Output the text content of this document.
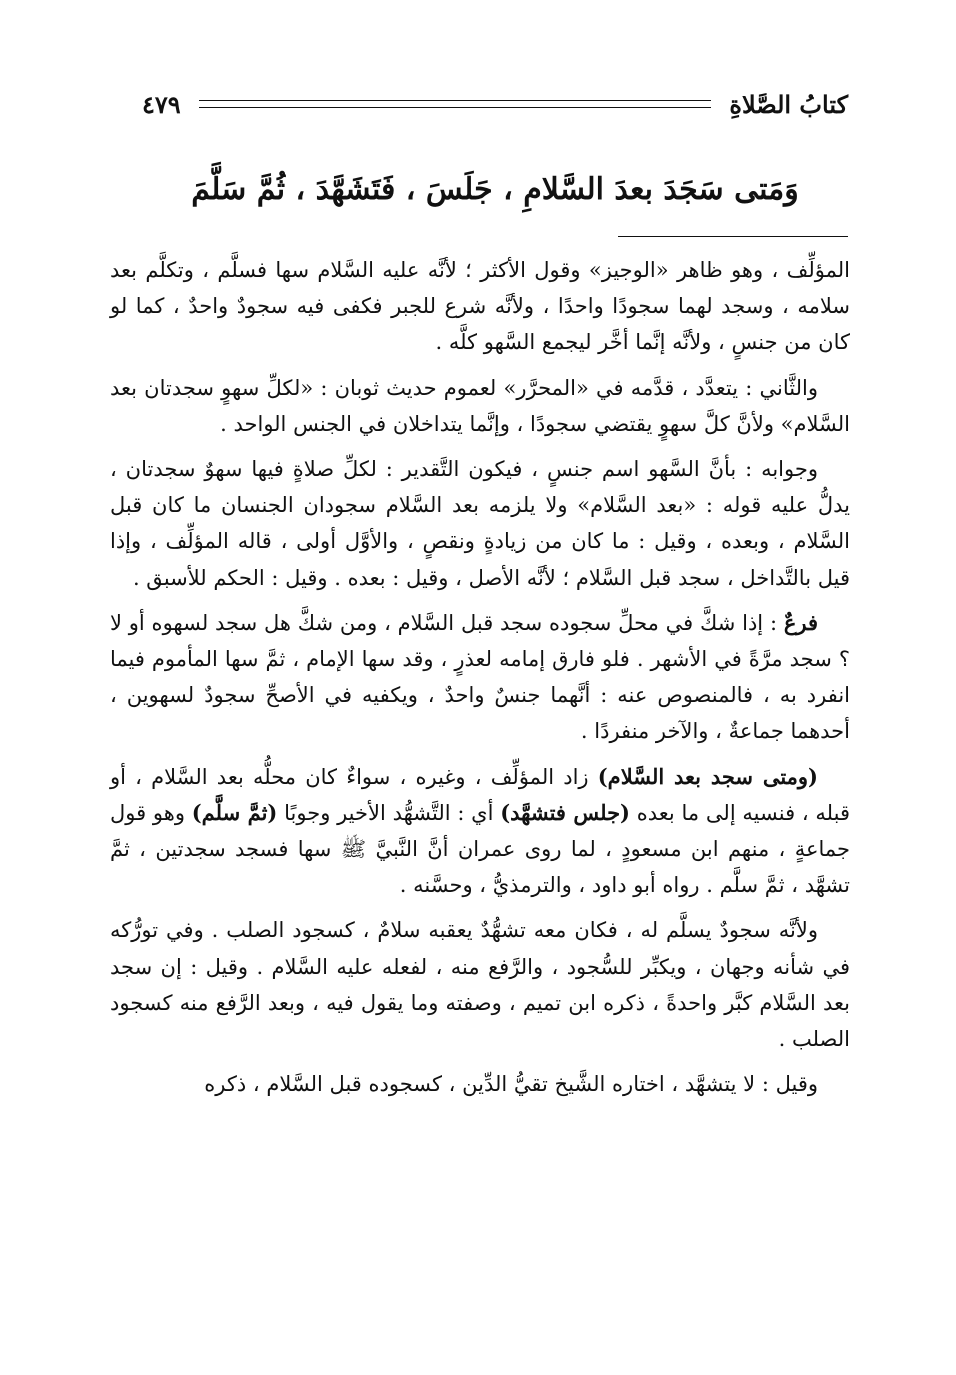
كتابُ الصَّلاةِ
٤٧٩
وَمَتى سَجَدَ بعدَ السَّلامِ ، جَلَسَ ، فَتَشَهَّدَ ، ثُمَّ سَلَّمَ

المؤلِّف ، وهو ظاهر «الوجيز» وقول الأكثر ؛ لأنَّه عليه السَّلام سها فسلَّم ، وتكلَّم بعد سلامه ، وسجد لهما سجودًا واحدًا ، ولأنَّه شرع للجبر فكفى فيه سجودٌ واحدٌ ، كما لو كان من جنسٍ ، ولأنَّه إنَّما أخَّر ليجمع السَّهو كلَّه .

والثَّاني : يتعدَّد ، قدَّمه في «المحرَّر» لعموم حديث ثوبان : «لكلِّ سهوٍ سجدتان بعد السَّلام» ولأنَّ كلَّ سهوٍ يقتضي سجودًا ، وإنَّما يتداخلان في الجنس الواحد .

وجوابه : بأنَّ السَّهو اسم جنسٍ ، فيكون التَّقدير : لكلِّ صلاةٍ فيها سهوٌ سجدتان ، يدلُّ عليه قوله : «بعد السَّلام» ولا يلزمه بعد السَّلام سجودان الجنسان ما كان قبل السَّلام ، وبعده ، وقيل : ما كان من زيادةٍ ونقصٍ ، والأوَّل أولى ، قاله المؤلِّف ، وإذا قيل بالتَّداخل ، سجد قبل السَّلام ؛ لأنَّه الأصل ، وقيل : بعده . وقيل : الحكم للأسبق .

فرعٌ : إذا شكَّ في محلِّ سجوده سجد قبل السَّلام ، ومن شكَّ هل سجد لسهوه أو لا ؟ سجد مرَّةً في الأشهر . فلو فارق إمامه لعذرٍ ، وقد سها الإمام ، ثمَّ سها المأموم فيما انفرد به ، فالمنصوص عنه : أنَّهما جنسٌ واحدٌ ، ويكفيه في الأصحِّ سجودٌ لسهوين ، أحدهما جماعةٌ ، والآخر منفردًا .

(ومتى سجد بعد السَّلام) زاد المؤلِّف ، وغيره ، سواءٌ كان محلُّه بعد السَّلام ، أو قبله ، فنسيه إلى ما بعده (جلس فتشهَّد) أي : التَّشهُّد الأخير وجوبًا (ثمَّ سلَّم) وهو قول جماعةٍ ، منهم ابن مسعودٍ ، لما روى عمران أنَّ النَّبيَّ ﷺ سها فسجد سجدتين ، ثمَّ تشهَّد ، ثمَّ سلَّم . رواه أبو داود ، والترمذيُّ ، وحسَّنه .

ولأنَّه سجودٌ يسلَّم له ، فكان معه تشهُّدٌ يعقبه سلامٌ ، كسجود الصلب . وفي تورُّكه في شأنه وجهان ، ويكبِّر للسُّجود ، والرَّفع منه ، لفعله عليه السَّلام . وقيل : إن سجد بعد السَّلام كبَّر واحدةً ، ذكره ابن تميم ، وصفته وما يقول فيه ، وبعد الرَّفع منه كسجود الصلب .

وقيل : لا يتشهَّد ، اختاره الشَّيخ تقيُّ الدِّين ، كسجوده قبل السَّلام ، ذكره
